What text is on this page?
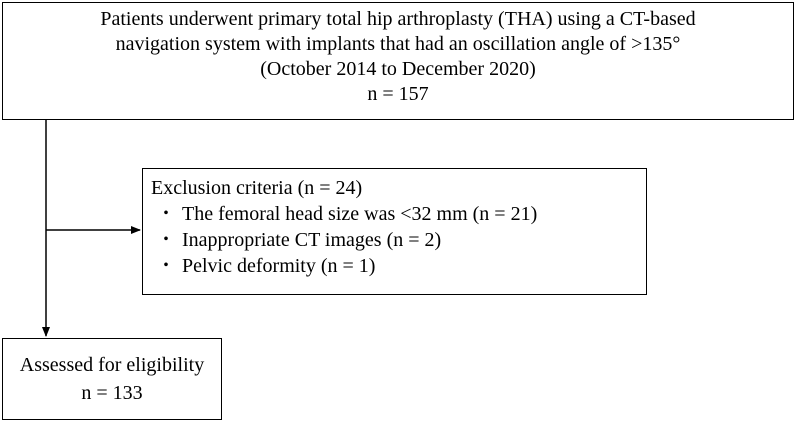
Patients underwent primary total hip arthroplasty (THA) using a CT-based
navigation system with implants that had an oscillation angle of >135°
(October 2014 to December 2020)
n = 157
Exclusion criteria (n = 24)
・ The femoral head size was <32 mm (n = 21)
・ Inappropriate CT images (n = 2)
・ Pelvic deformity (n = 1)
Assessed for eligibility
n = 133
